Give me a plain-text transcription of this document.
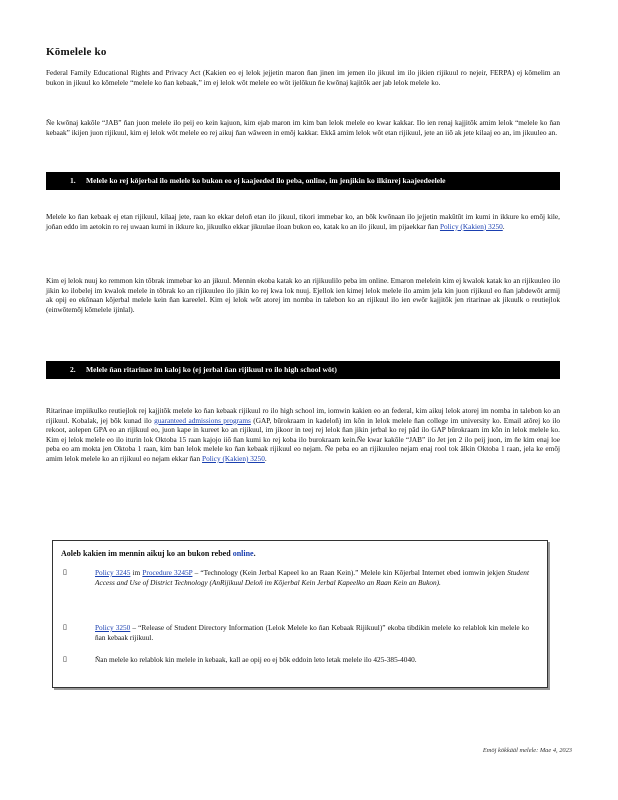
Kōmelele ko
Federal Family Educational Rights and Privacy Act (Kakien eo ej lelok jejjetin maron ñan jinen im jemen ilo jikuul im ilo jikien rijikuul ro nejeir, FERPA) ej kōmelim an bukon in jikuul ko kōmelele “melele ko ñan kebaak,” im ej lelok wōt melele eo wōt ijelōkun ñe kwōnaj kajitōk aer jab lelok melele ko.
Ñe kwōnaj kakōle “JAB” ñan juon melele ilo peij eo kein kajuon, kim ejab maron im kim ban lelok melele eo kwar kakkar. Ilo ien renaj kajjitōk amim lelok “melele ko ñan kebaak” ikijen juon rijikuul, kim ej lelok wōt melele eo rej aikuj ñan wāween in emōj kakkar. Ekkā amim lelok wōt etan rijikuul, jete an iiō ak jete kilaaj eo an, im jikuuleo an.
1. Melele ko rej kōjerbal ilo melele ko bukon eo ej kaajeeded ilo peba, online, im jenjikin ko ilkinrej kaajeedeelele
Melele ko ñan kebaak ej etan rijikuul, kilaaj jete, raan ko ekkar deloñ etan ilo jikuul, tikori immebar ko, an bōk kwōnaan ilo jejjetin makūtūt im kumi in ikkure ko emōj kile, joñan eddo im aetokin ro rej uwaan kumi in ikkure ko, jikuulko ekkar jikuulae iloan bukon eo, katak ko an ilo jikuul, im pijaekkar ñan Policy (Kakien) 3250.
Kim ej lelok nuuj ko remmon kin tōbrak immebar ko an jikuul. Mennin ekoba katak ko an rijikuulilo peba im online. Emaron melelein kim ej kwalok katak ko an rijikuuleo ilo jikin ko ilobelej im kwalok melele in tōbrak ko an rijikuuleo ilo jikin ko rej kwa lok nuuj. Ejellok ien kimej lelok melele ilo amim jela kin juon rijikuul eo ñan jabdewōt armij ak opij eo ekōnaan kōjerbal melele kein ñan kareelel. Kim ej lelok wōt atorej im nomba in talebon ko an rijikuul ilo ien ewōr kajjitōk jen ritarinae ak jikuulk o reutiejlok (einwōtemōj kōmelele ijinlal).
2. Melele ñan ritarinae im kaloj ko (ej jerbal ñan rijikuul ro ilo high school wōt)
Ritarinae impiikulko reutiejlok rej kajjitōk melele ko ñan kebaak rijikuul ro ilo high school im, iomwin kakien eo an federal, kim aikuj lelok atorej im nomba in talebon ko an rijikuul. Kobalak, jej bōk kunad ilo guaranteed admissions programs (GAP, būrokraam in kadeloñ) im kōn in lelok melele ñan college im university ko. Email atōrej ko ilo rekoot, aolepen GPA eo an rijikuul eo, juon kape in kureet ko an rijikuul, im jikoor in teej rej lelok ñan jikin jerbal ko rej pād ilo GAP būrokraam im kōn in lelok melele ko. Kim ej lelok melele eo ilo iturin lok Oktoba 15 raan kajojo iiō ñan kumi ko rej koba ilo burokraam kein.Ñe kwar kakōle “JAB” ilo Jet jen 2 ilo peij juon, im ñe kim enaj loe peba eo am mokta jen Oktoba 1 raan, kim ban lelok melele ko ñan kebaak rijikuul eo nejam. Ñe peba eo an rijikuuleo nejam enaj rool tok ālkin Oktoba 1 raan, jela ke emōj amim lelok melele ko an rijikuul eo nejam ekkar ñan Policy (Kakien) 3250.
Aoleb kakien im mennin aikuj ko an bukon rebed online.
▯	Policy 3245 im Procedure 3245P – “Technology (Kein Jerbal Kapeel ko an Raan Kein).” Melele kin Kōjerbal Internet ebed iomwin jekjen Student Access and Use of District Technology (AnRijikuul Deloñ im Kōjerbal Kein Jerbal Kapeelko an Raan Kein an Bukon).
▯	Policy 3250 – “Release of Student Directory Information (Lelok Melele ko ñan Kebaak Rijikuul)” ekoba tibdikin melele ko relablok kin melele ko ñan kebaak rijikuul.
▯	Ñan melele ko relablok kin melele in kebaak, kall ae opij eo ej bōk eddoin leto letak melele ilo 425-385-4040.
Emōj kōkkāāl melele: Mae 4, 2023
